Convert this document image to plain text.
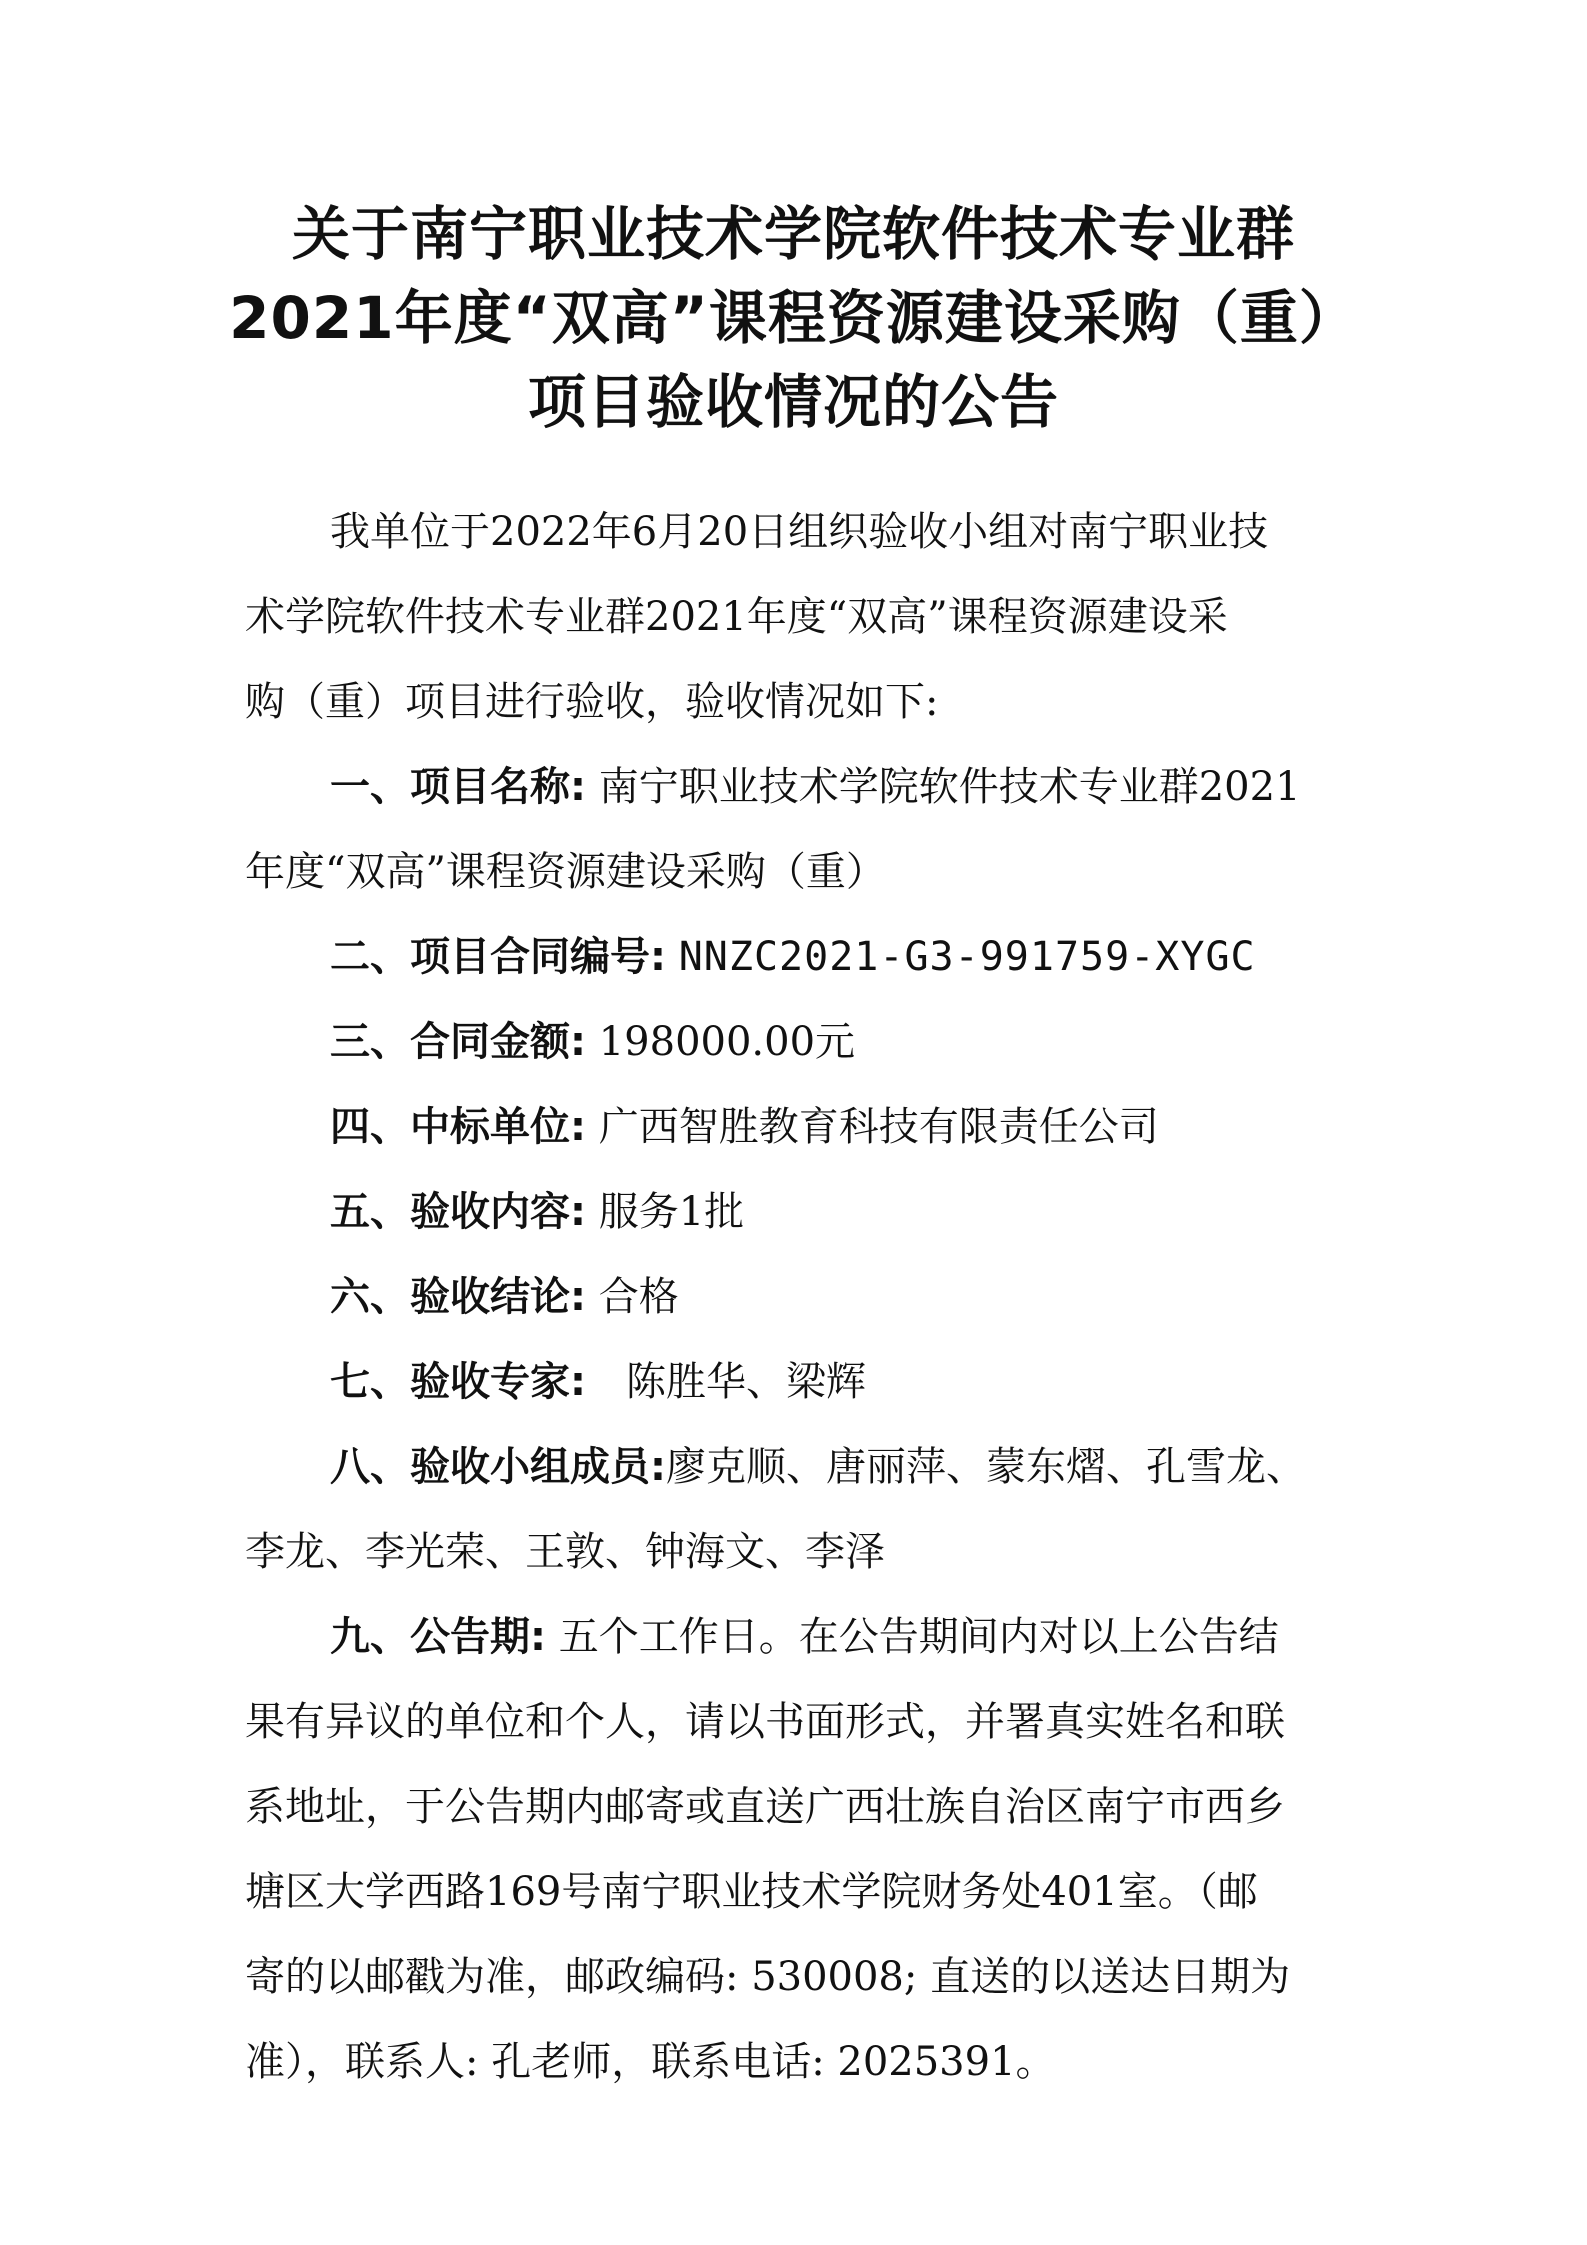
关于南宁职业技术学院软件技术专业群
2021年度“双高”课程资源建设采购（重）
项目验收情况的公告
我单位于2022年6月20日组织验收小组对南宁职业技
术学院软件技术专业群2021年度“双高”课程资源建设采
购（重）项目进行验收，验收情况如下:
一、项目名称: 南宁职业技术学院软件技术专业群2021
年度“双高”课程资源建设采购（重）
二、项目合同编号: NNZC2021-G3-991759-XYGC
三、合同金额: 198000.00元
四、中标单位: 广西智胜教育科技有限责任公司
五、验收内容: 服务1批
六、验收结论: 合格
七、验收专家: 陈胜华、梁辉
八、验收小组成员:廖克顺、唐丽萍、蒙东熠、孔雪龙、
李龙、李光荣、王敦、钟海文、李泽
九、公告期: 五个工作日。在公告期间内对以上公告结
果有异议的单位和个人，请以书面形式，并署真实姓名和联
系地址，于公告期内邮寄或直送广西壮族自治区南宁市西乡
塘区大学西路169号南宁职业技术学院财务处401室。（邮
寄的以邮戳为准，邮政编码: 530008; 直送的以送达日期为
准），联系人: 孔老师，联系电话: 2025391。
